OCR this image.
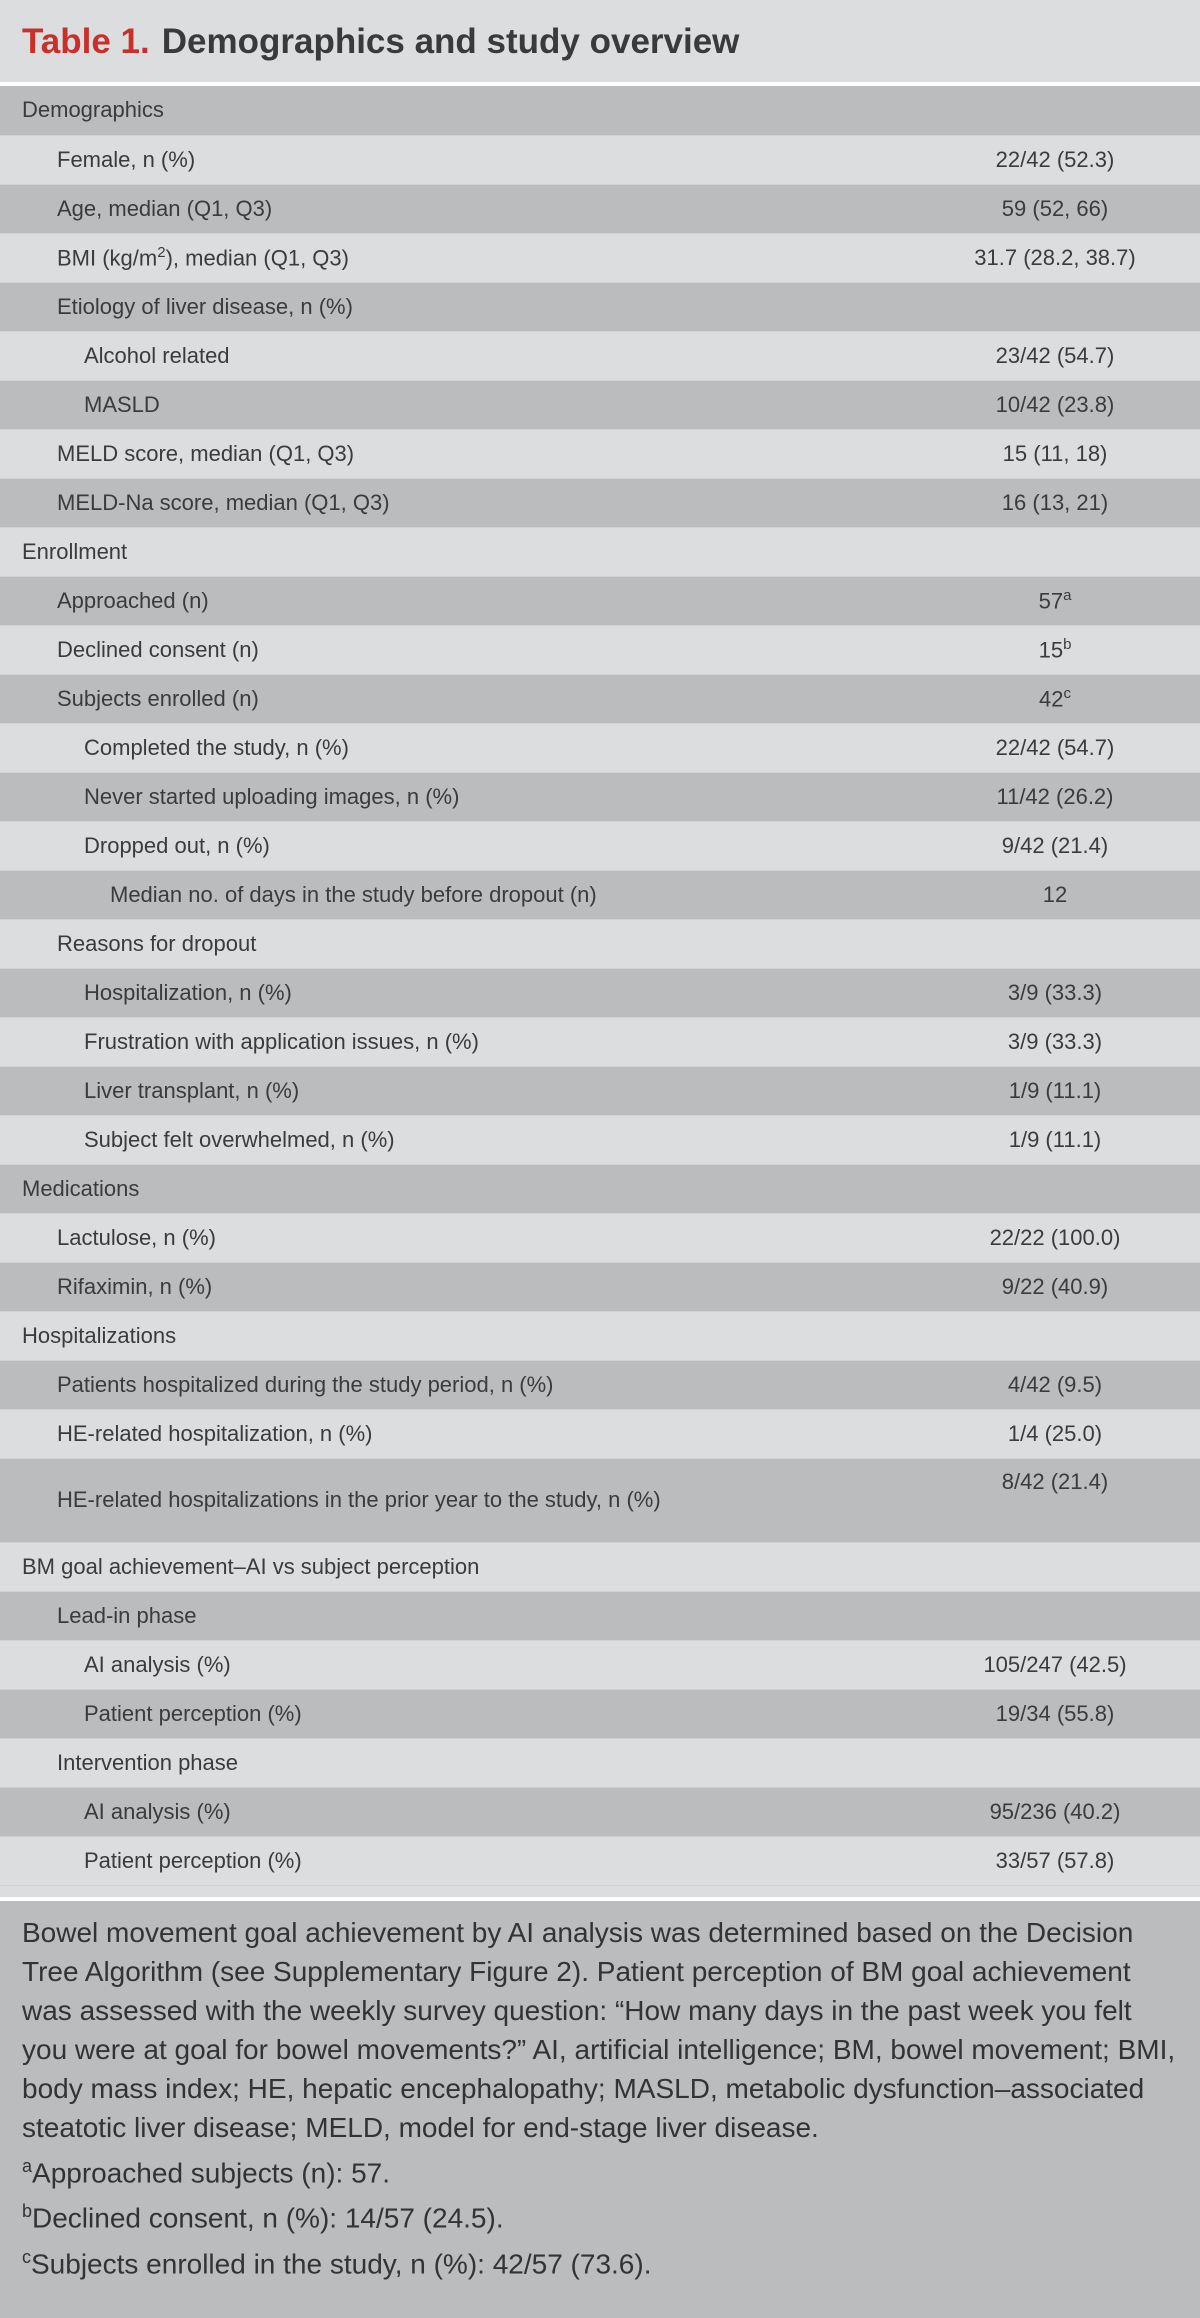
Table 1. Demographics and study overview
Demographics	
Female, n (%)	22/42 (52.3)
Age, median (Q1, Q3)	59 (52, 66)
BMI $(kg/m^2)$, median (Q1, Q3)	31.7 (28.2, 38.7)
Etiology of liver disease, n (%)	
Alcohol related	23/42 (54.7)
MASLD	10/42 (23.8)
MELD score, median (Q1, Q3)	15 (11, 18)
MELD-Na score, median (Q1, Q3)	16 (13, 21)
Enrollment	
Approached (n)	57$^a$
Declined consent (n)	15$^b$
Subjects enrolled (n)	42$^c$
Completed the study, n (%)	22/42 (54.7)
Never started uploading images, n (%)	11/42 (26.2)
Dropped out, n (%)	9/42 (21.4)
Median no. of days in the study before dropout (n)	12
Reasons for dropout	
Hospitalization, n (%)	3/9 (33.3)
Frustration with application issues, n (%)	3/9 (33.3)
Liver transplant, n (%)	1/9 (11.1)
Subject felt overwhelmed, n (%)	1/9 (11.1)
Medications	
Lactulose, n (%)	22/22 (100.0)
Rifaximin, n (%)	9/22 (40.9)
Hospitalizations	
Patients hospitalized during the study period, n (%)	4/42 (9.5)
HE-related hospitalization, n (%)	1/4 (25.0)

HE-related hospitalizations in the prior year to the study, n (%)	8/42 (21.4)
BM goal achievement–AI vs subject perception	
Lead-in phase	
AI analysis (%)	105/247 (42.5)
Patient perception (%)	19/34 (55.8)
Intervention phase	
AI analysis (%)	95/236 (40.2)
Patient perception (%)	33/57 (57.8)

Bowel movement goal achievement by AI analysis was determined based on the Decision Tree Algorithm (see Supplementary Figure 2). Patient perception of BM goal achievement was assessed with the weekly survey question: “How many days in the past week you felt you were at goal for bowel movements?” AI, artificial intelligence; BM, bowel movement; BMI, body mass index; HE, hepatic encephalopathy; MASLD, metabolic dysfunction–associated steatotic liver disease; MELD, model for end-stage liver disease.

$^a$Approached subjects (n): 57.

$^b$Declined consent, n (%): 14/57 (24.5).

$^c$Subjects enrolled in the study, n (%): 42/57 (73.6).
